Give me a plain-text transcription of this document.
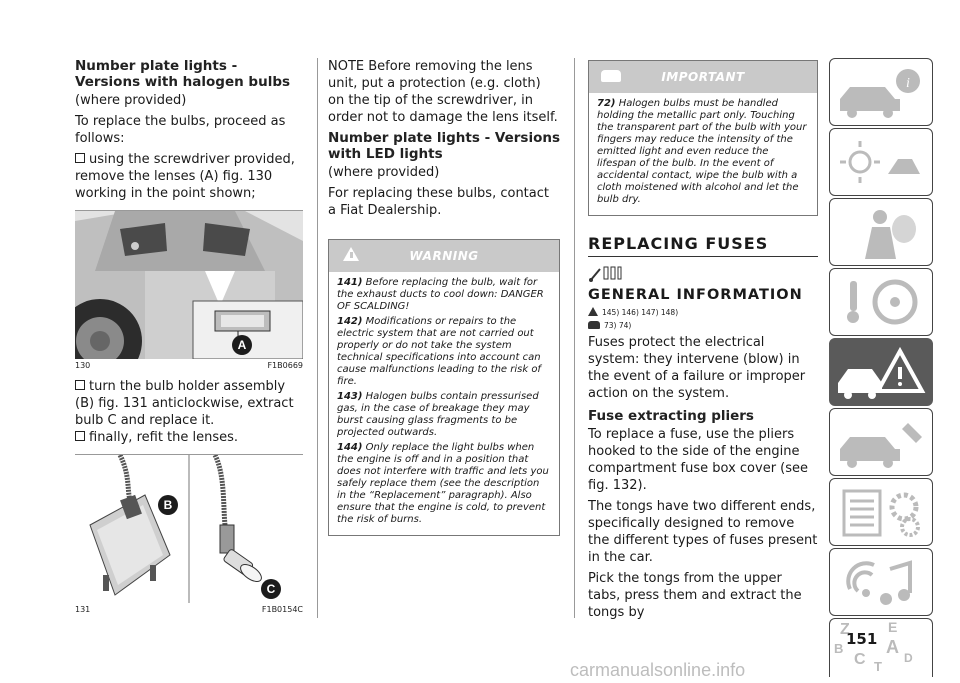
Number plate lights - Versions with halogen bulbs
(where provided)
To replace the bulbs, proceed as follows:
using the screwdriver provided, remove the lenses (A) fig. 130 working in the point shown;
A
130	F1B0669
turn the bulb holder assembly (B) fig. 131 anticlockwise, extract bulb C and replace it.
finally, refit the lenses.
B
C
131	F1B0154C
NOTE Before removing the lens unit, put a protection (e.g. cloth) on the tip of the screwdriver, in order not to damage the lens itself.
Number plate lights - Versions with LED lights
(where provided)
For replacing these bulbs, contact a Fiat Dealership.
WARNING
141) Before replacing the bulb, wait for the exhaust ducts to cool down: DANGER OF SCALDING!
142) Modifications or repairs to the electric system that are not carried out properly or do not take the system technical specifications into account can cause malfunctions leading to the risk of fire.
143) Halogen bulbs contain pressurised gas, in the case of breakage they may burst causing glass fragments to be projected outwards.
144) Only replace the light bulbs when the engine is off and in a position that does not interfere with traffic and lets you safely replace them (see the description in the “Replacement” paragraph). Also ensure that the engine is cold, to prevent the risk of burns.
IMPORTANT
72) Halogen bulbs must be handled holding the metallic part only. Touching the transparent part of the bulb with your fingers may reduce the intensity of the emitted light and even reduce the lifespan of the bulb. In the event of accidental contact, wipe the bulb with a cloth moistened with alcohol and let the bulb dry.
REPLACING FUSES
GENERAL INFORMATION
145) 146) 147) 148)
73) 74)
Fuses protect the electrical system: they intervene (blow) in the event of a failure or improper action on the system.
Fuse extracting pliers
To replace a fuse, use the pliers hooked to the side of the engine compartment fuse box cover (see fig. 132).
The tongs have two different ends, specifically designed to remove the different types of fuses present in the car.
Pick the tongs from the upper tabs, press them and extract the tongs by
i
Z	E
B A
C	D
T
151
carmanualsonline.info
